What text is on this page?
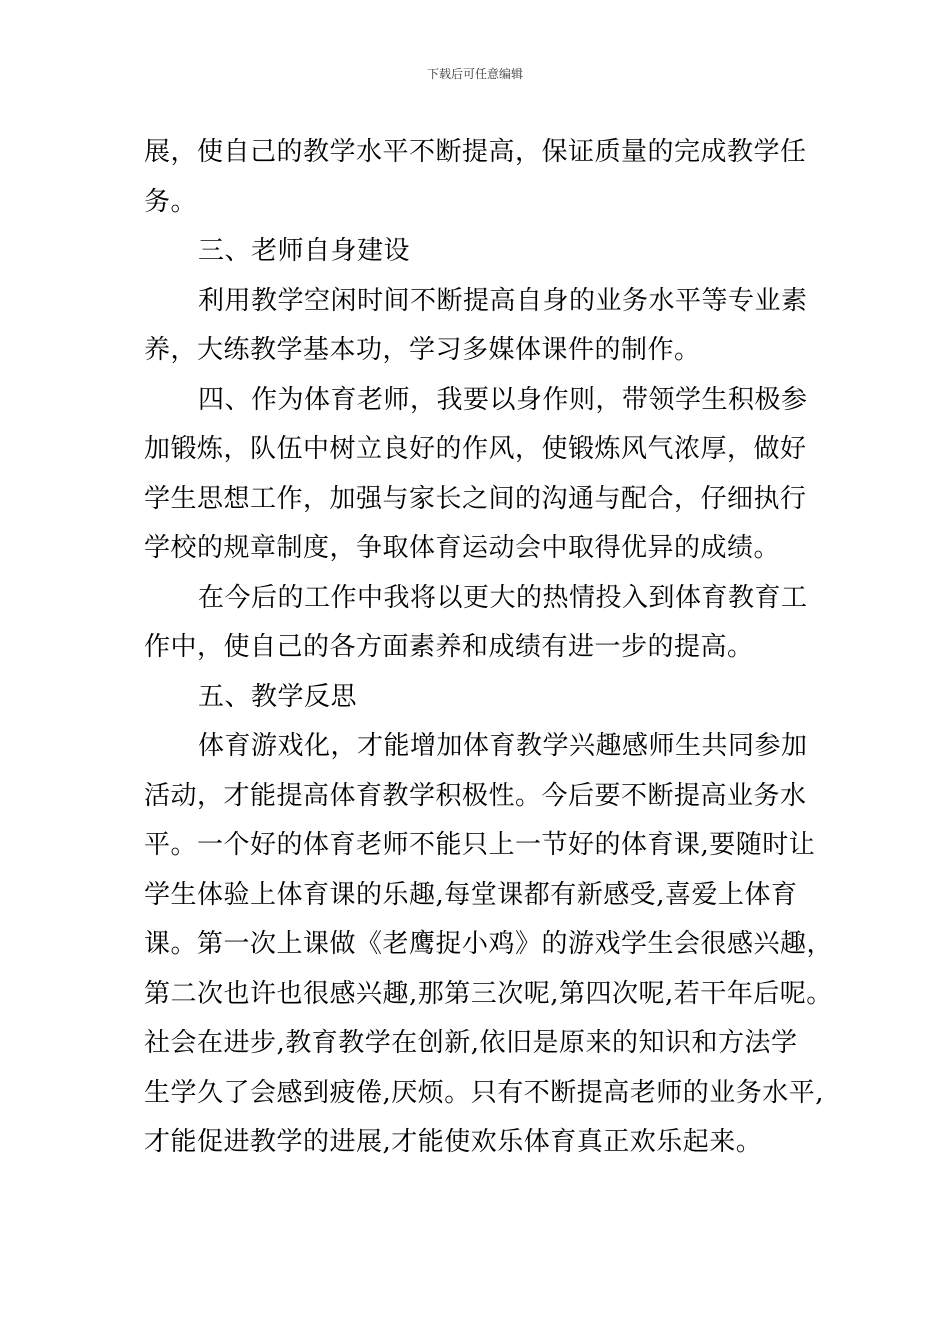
下载后可任意编辑
展，使自己的教学水平不断提高，保证质量的完成教学任
务。
三、老师自身建设
利用教学空闲时间不断提高自身的业务水平等专业素
养，大练教学基本功，学习多媒体课件的制作。
四、作为体育老师，我要以身作则，带领学生积极参
加锻炼，队伍中树立良好的作风，使锻炼风气浓厚，做好
学生思想工作，加强与家长之间的沟通与配合，仔细执行
学校的规章制度，争取体育运动会中取得优异的成绩。
在今后的工作中我将以更大的热情投入到体育教育工
作中，使自己的各方面素养和成绩有进一步的提高。
五、教学反思
体育游戏化，才能增加体育教学兴趣感师生共同参加
活动，才能提高体育教学积极性。今后要不断提高业务水
平。一个好的体育老师不能只上一节好的体育课,要随时让
学生体验上体育课的乐趣,每堂课都有新感受,喜爱上体育
课。第一次上课做《老鹰捉小鸡》的游戏学生会很感兴趣，
第二次也许也很感兴趣,那第三次呢,第四次呢,若干年后呢。
社会在进步,教育教学在创新,依旧是原来的知识和方法学
生学久了会感到疲倦,厌烦。只有不断提高老师的业务水平,
才能促进教学的进展,才能使欢乐体育真正欢乐起来。
